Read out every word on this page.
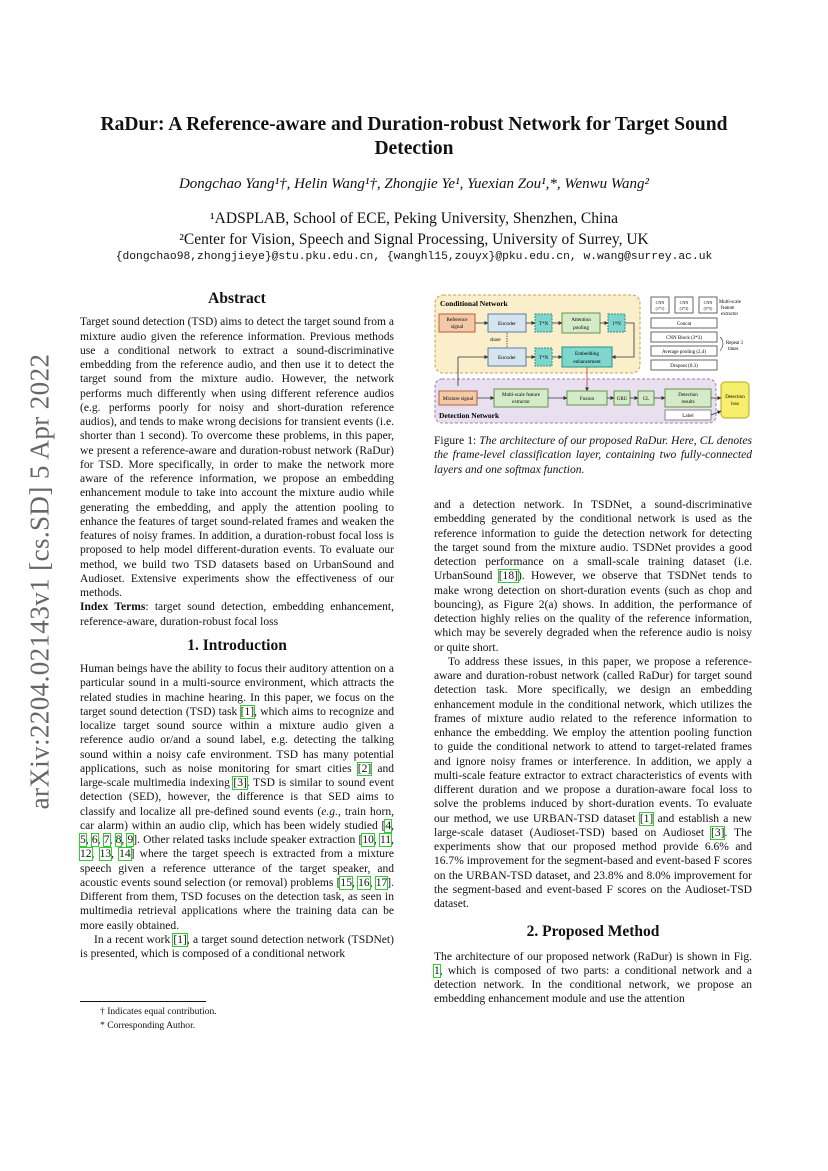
RaDur: A Reference-aware and Duration-robust Network for Target Sound Detection
Dongchao Yang¹†, Helin Wang¹†, Zhongjie Ye¹, Yuexian Zou¹,*, Wenwu Wang²
¹ADSPLAB, School of ECE, Peking University, Shenzhen, China
²Center for Vision, Speech and Signal Processing, University of Surrey, UK
{dongchao98,zhongjieye}@stu.pku.edu.cn, {wanghl15,zouyx}@pku.edu.cn, w.wang@surrey.ac.uk
arXiv:2204.02143v1 [cs.SD] 5 Apr 2022
Abstract

Target sound detection (TSD) aims to detect the target sound from a mixture audio given the reference information. Previous methods use a conditional network to extract a sound-discriminative embedding from the reference audio, and then use it to detect the target sound from the mixture audio. However, the network performs much differently when using different reference audios (e.g. performs poorly for noisy and short-duration reference audios), and tends to make wrong decisions for transient events (i.e. shorter than 1 second). To overcome these problems, in this paper, we present a reference-aware and duration-robust network (RaDur) for TSD. More specifically, in order to make the network more aware of the reference information, we propose an embedding enhancement module to take into account the mixture audio while generating the embedding, and apply the attention pooling to enhance the features of target sound-related frames and weaken the features of noisy frames. In addition, a duration-robust focal loss is proposed to help model different-duration events. To evaluate our method, we build two TSD datasets based on UrbanSound and Audioset. Extensive experiments show the effectiveness of our methods.
Index Terms: target sound detection, embedding enhancement, reference-aware, duration-robust focal loss

1. Introduction

Human beings have the ability to focus their auditory attention on a particular sound in a multi-source environment, which attracts the related studies in machine hearing. In this paper, we focus on the target sound detection (TSD) task [1], which aims to recognize and localize target sound source within a mixture audio given a reference audio or/and a sound label, e.g. detecting the talking sound within a noisy cafe environment. TSD has many potential applications, such as noise monitoring for smart cities [2] and large-scale multimedia indexing [3]. TSD is similar to sound event detection (SED), however, the difference is that SED aims to classify and localize all pre-defined sound events (e.g., train horn, car alarm) within an audio clip, which has been widely studied [4, 5, 6, 7, 8, 9]. Other related tasks include speaker extraction [10, 11, 12, 13, 14] where the target speech is extracted from a mixture speech given a reference utterance of the target speaker, and acoustic events sound selection (or removal) problems [15, 16, 17]. Different from them, TSD focuses on the detection task, as seen in multimedia retrieval applications where the training data can be more easily obtained.

In a recent work [1], a target sound detection network (TSDNet) is presented, which is composed of a conditional network

† Indicates equal contribution.
* Corresponding Author.
Conditional Network
Detection Network
Reference
signal	Encoder
Encoder
share
T*N
T*N
Attention
pooling
1*N
Embedding
enhancement
Mixture signal
Multi-scale feature
extractor
Fusion	GRU	CL
Detection
results
Label
Detection
loss
CNN
(1*1)
CNN
(3*3)
CNN
(5*5)
Multi-scale
feature
extractor
Concat
CNN Block (3*3)
Average pooling (2,4)
Dropout (0.3)
Repeat 3
times
Figure 1: The architecture of our proposed RaDur. Here, CL denotes the frame-level classification layer, containing two fully-connected layers and one softmax function.

and a detection network. In TSDNet, a sound-discriminative embedding generated by the conditional network is used as the reference information to guide the detection network for detecting the target sound from the mixture audio. TSDNet provides a good detection performance on a small-scale training dataset (i.e. UrbanSound [18]). However, we observe that TSDNet tends to make wrong detection on short-duration events (such as chop and bouncing), as Figure 2(a) shows. In addition, the performance of detection highly relies on the quality of the reference information, which may be severely degraded when the reference audio is noisy or quite short.

To address these issues, in this paper, we propose a reference-aware and duration-robust network (called RaDur) for target sound detection task. More specifically, we design an embedding enhancement module in the conditional network, which utilizes the frames of mixture audio related to the reference information to enhance the embedding. We employ the attention pooling function to guide the conditional network to attend to target-related frames and ignore noisy frames or interference. In addition, we apply a multi-scale feature extractor to extract characteristics of events with different duration and we propose a duration-aware focal loss to solve the problems induced by short-duration events. To evaluate our method, we use URBAN-TSD dataset [1] and establish a new large-scale dataset (Audioset-TSD) based on Audioset [3]. The experiments show that our proposed method provide 6.6% and 16.7% improvement for the segment-based and event-based F scores on the URBAN-TSD dataset, and 23.8% and 8.0% improvement for the segment-based and event-based F scores on the Audioset-TSD dataset.

2. Proposed Method

The architecture of our proposed network (RaDur) is shown in Fig. 1, which is composed of two parts: a conditional network and a detection network. In the conditional network, we propose an embedding enhancement module and use the attention
